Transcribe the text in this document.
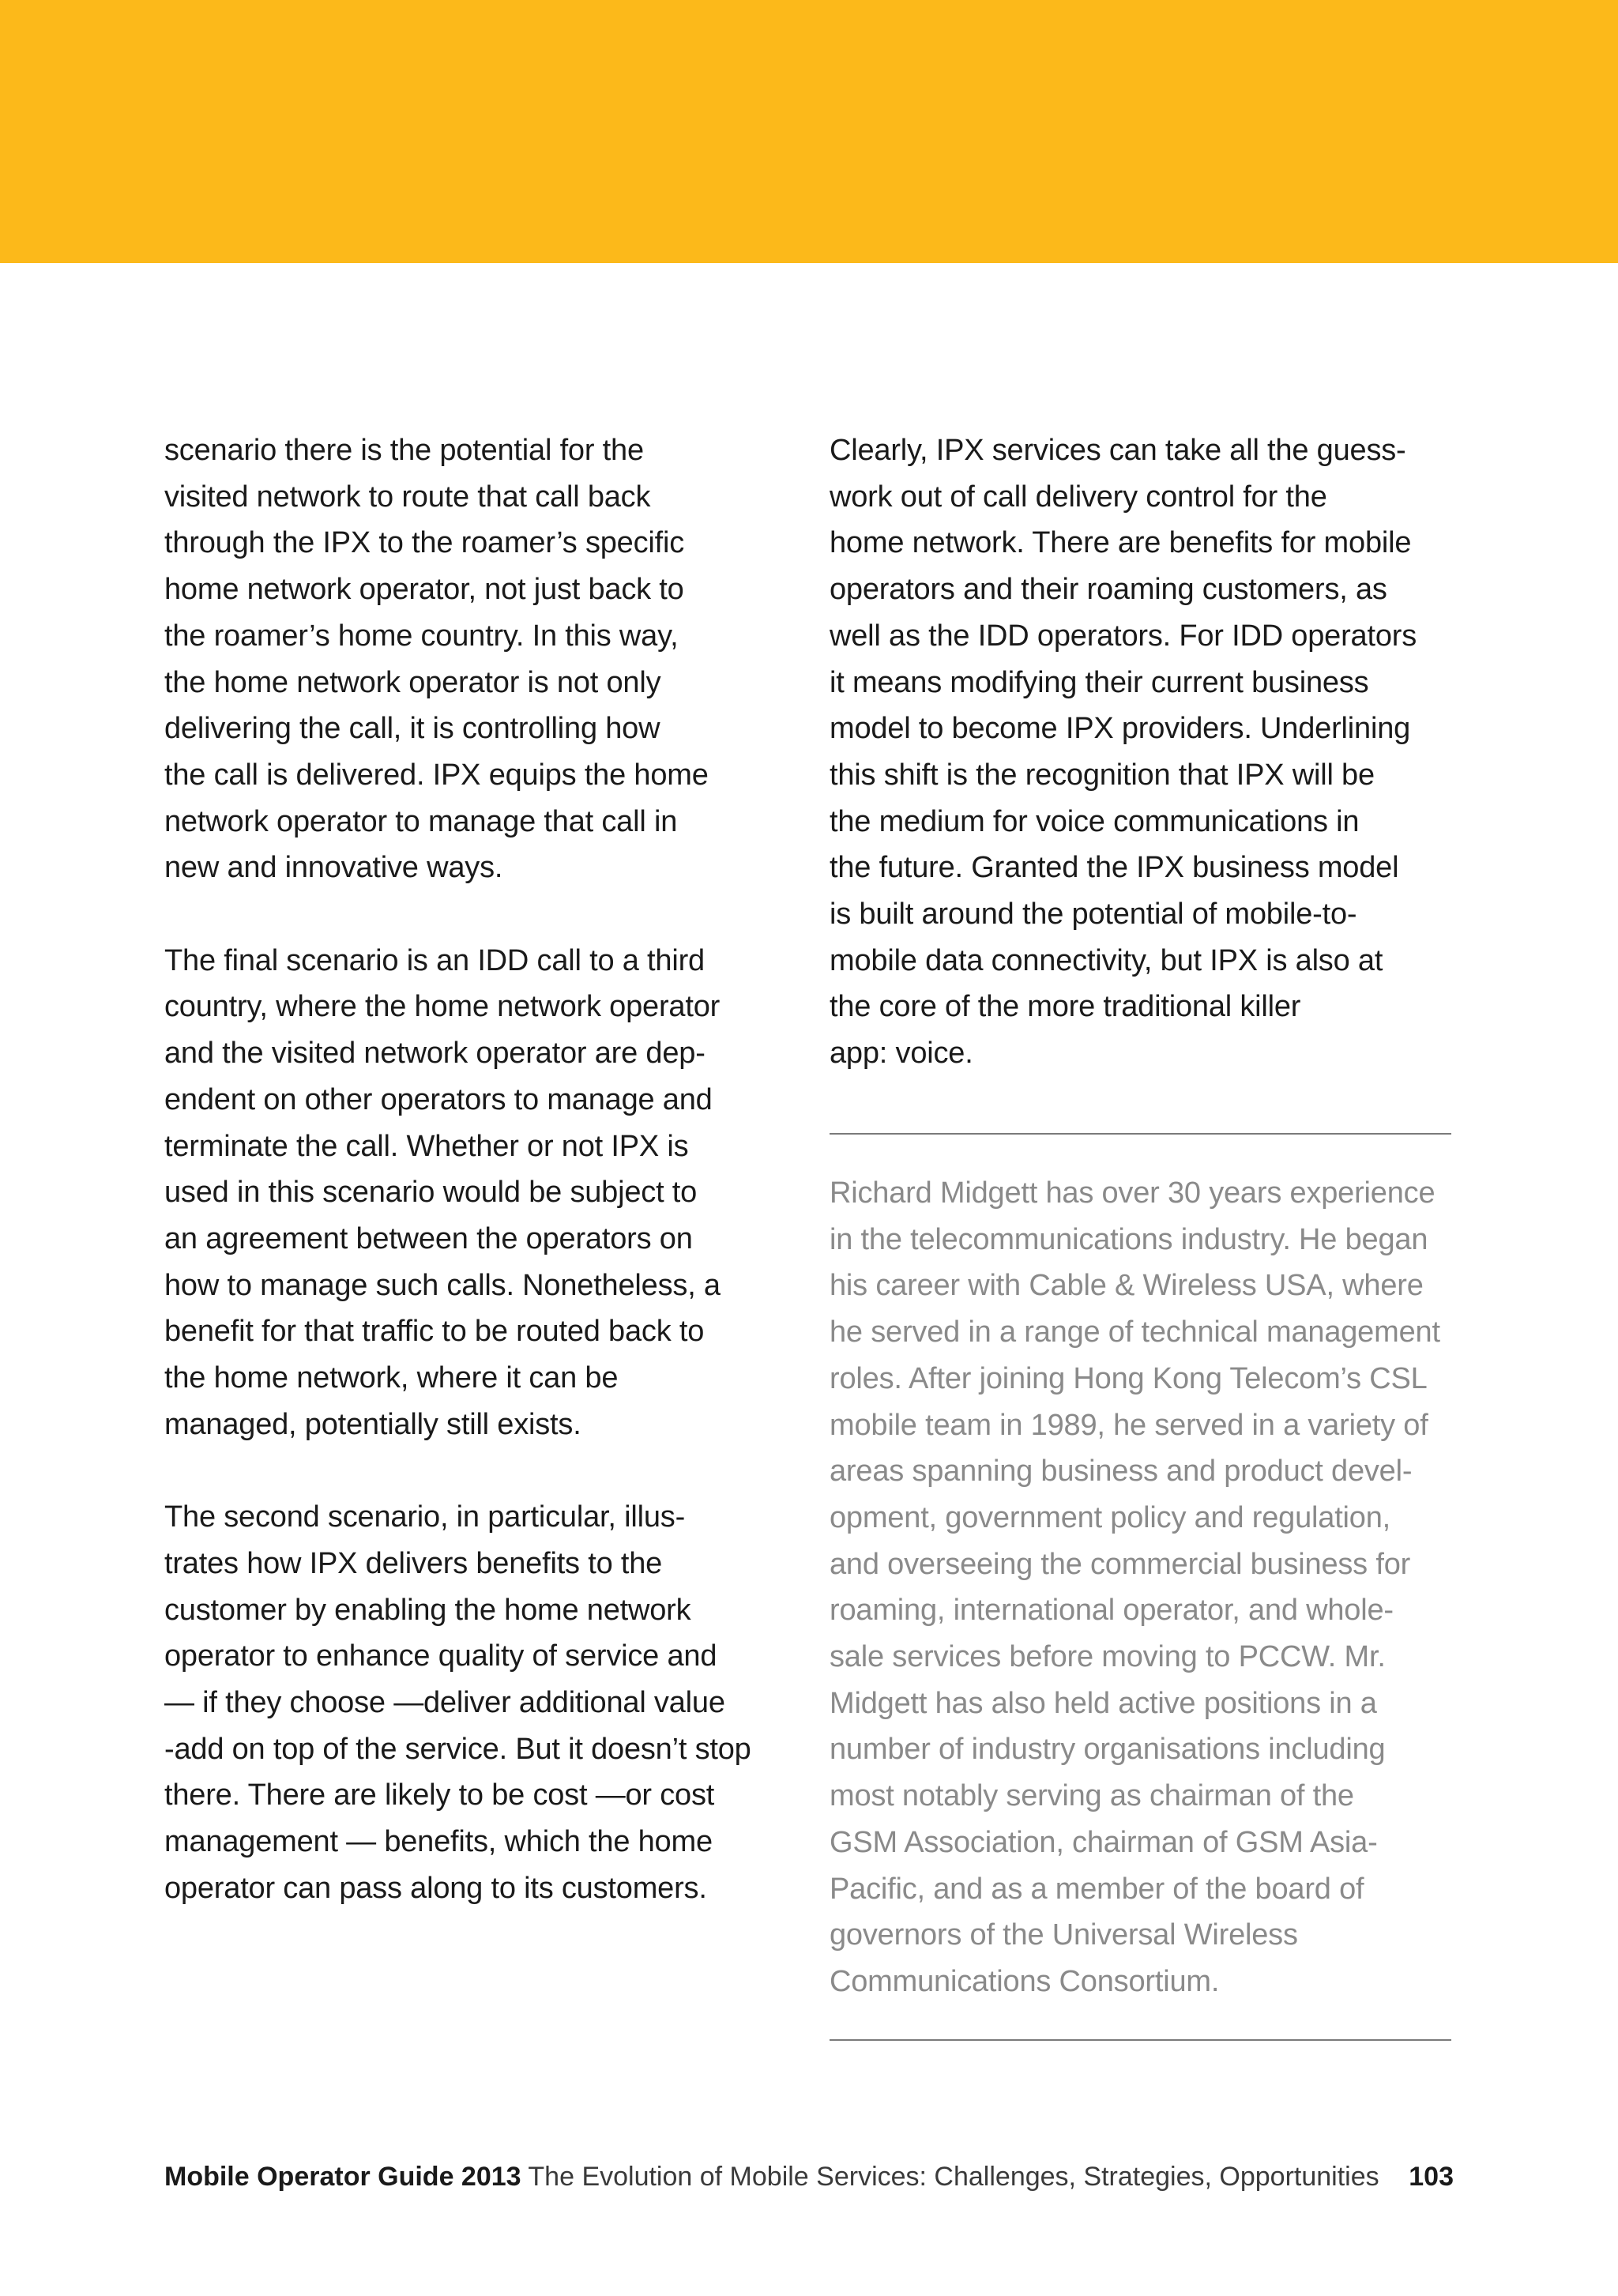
scenario there is the potential for the
visited network to route that call back
through the IPX to the roamer’s specific
home network operator, not just back to
the roamer’s home country. In this way,
the home network operator is not only
delivering the call, it is controlling how
the call is delivered. IPX equips the home
network operator to manage that call in
new and innovative ways.
The final scenario is an IDD call to a third
country, where the home network operator
and the visited network operator are dep-
endent on other operators to manage and
terminate the call. Whether or not IPX is
used in this scenario would be subject to
an agreement between the operators on
how to manage such calls. Nonetheless, a
benefit for that traffic to be routed back to
the home network, where it can be
managed, potentially still exists.
The second scenario, in particular, illus-
trates how IPX delivers benefits to the
customer by enabling the home network
operator to enhance quality of service and
— if they choose —deliver additional value
-add on top of the service. But it doesn’t stop
there. There are likely to be cost —or cost
management — benefits, which the home
operator can pass along to its customers.
Clearly, IPX services can take all the guess-
work out of call delivery control for the
home network. There are benefits for mobile
operators and their roaming customers, as
well as the IDD operators. For IDD operators
it means modifying their current business
model to become IPX providers. Underlining
this shift is the recognition that IPX will be
the medium for voice communications in
the future. Granted the IPX business model
is built around the potential of mobile-to-
mobile data connectivity, but IPX is also at
the core of the more traditional killer
app: voice.
Richard Midgett has over 30 years experience
in the telecommunications industry. He began
his career with Cable & Wireless USA, where
he served in a range of technical management
roles. After joining Hong Kong Telecom’s CSL
mobile team in 1989, he served in a variety of
areas spanning business and product devel-
opment, government policy and regulation,
and overseeing the commercial business for
roaming, international operator, and whole-
sale services before moving to PCCW. Mr.
Midgett has also held active positions in a
number of industry organisations including
most notably serving as chairman of the
GSM Association, chairman of GSM Asia-
Pacific, and as a member of the board of
governors of the Universal Wireless
Communications Consortium.
Mobile Operator Guide 2013 The Evolution of Mobile Services: Challenges, Strategies, Opportunities 103
